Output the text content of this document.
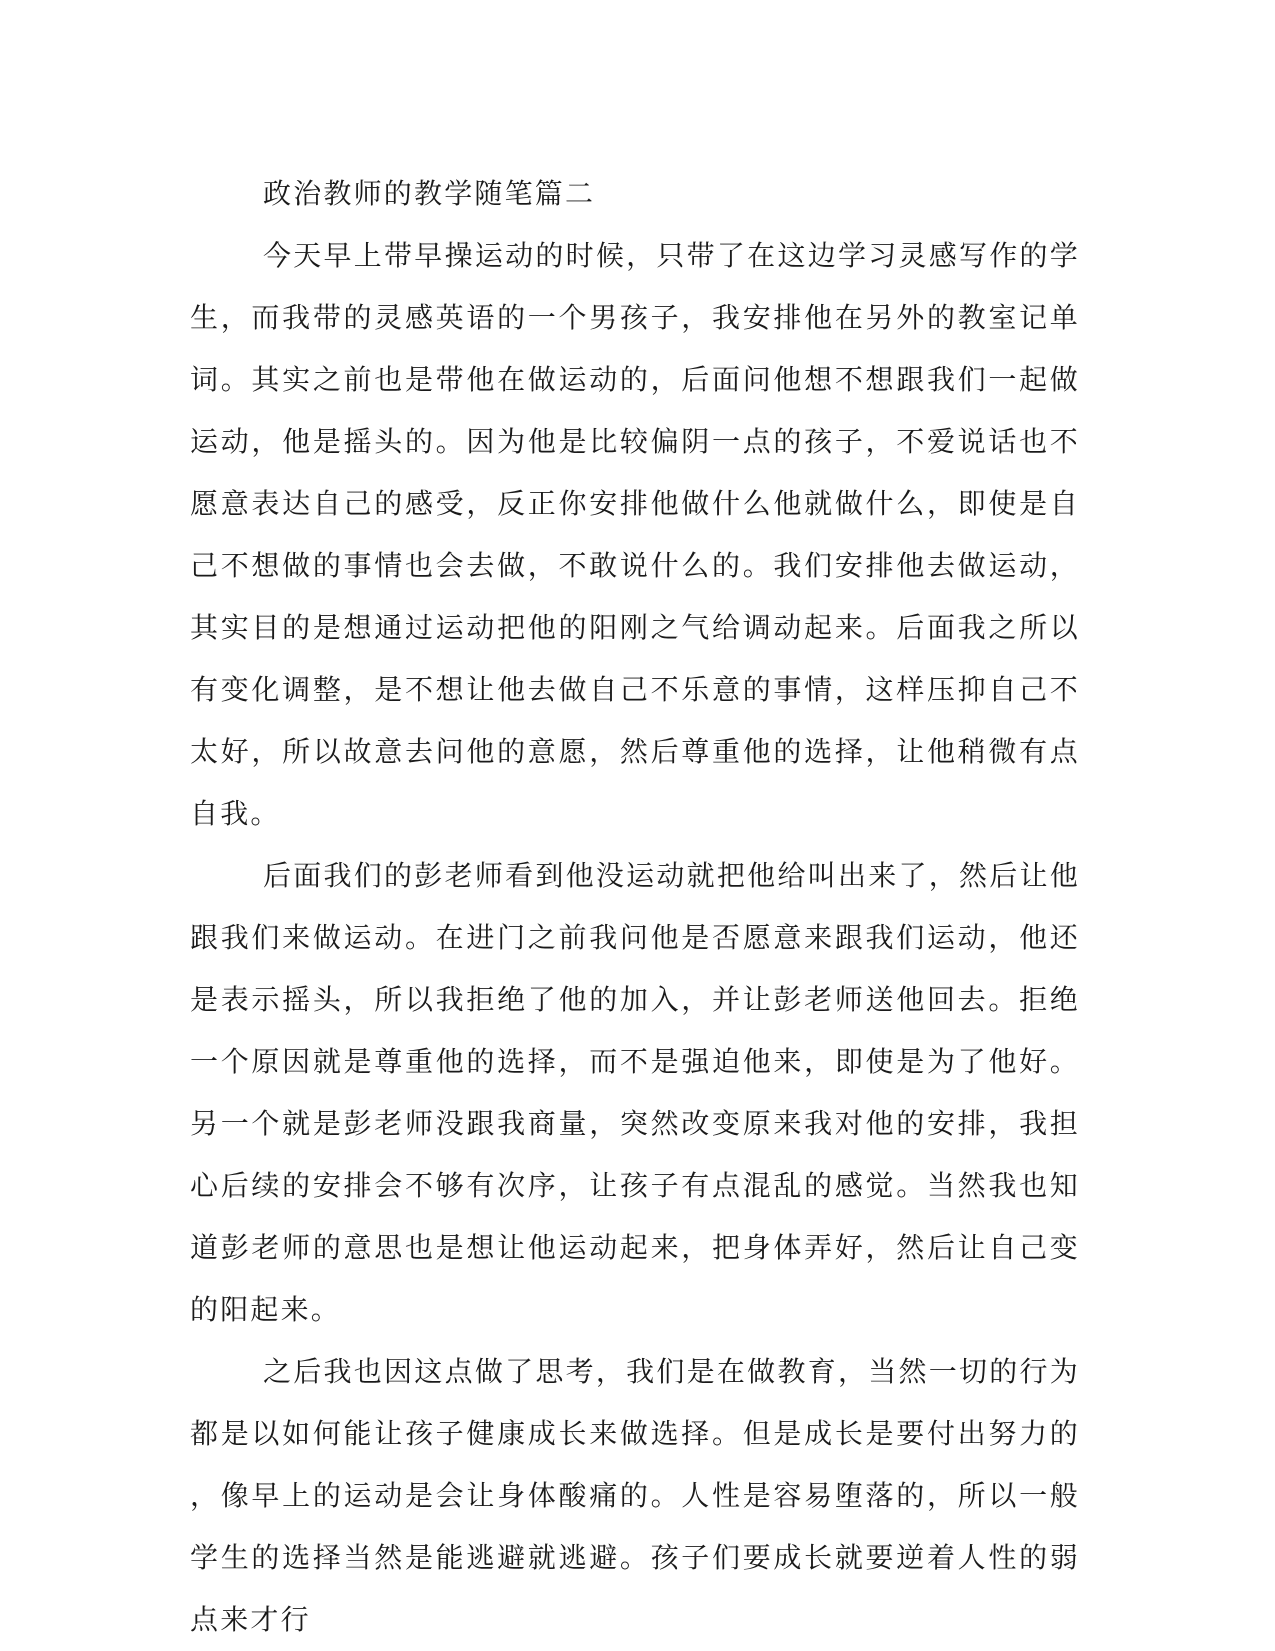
政治教师的教学随笔篇二

今天早上带早操运动的时候，只带了在这边学习灵感写作的学生，而我带的灵感英语的一个男孩子，我安排他在另外的教室记单词。其实之前也是带他在做运动的，后面问他想不想跟我们一起做运动，他是摇头的。因为他是比较偏阴一点的孩子，不爱说话也不愿意表达自己的感受，反正你安排他做什么他就做什么，即使是自己不想做的事情也会去做，不敢说什么的。我们安排他去做运动，其实目的是想通过运动把他的阳刚之气给调动起来。后面我之所以有变化调整，是不想让他去做自己不乐意的事情，这样压抑自己不太好，所以故意去问他的意愿，然后尊重他的选择，让他稍微有点自我。

后面我们的彭老师看到他没运动就把他给叫出来了，然后让他跟我们来做运动。在进门之前我问他是否愿意来跟我们运动，他还是表示摇头，所以我拒绝了他的加入，并让彭老师送他回去。拒绝一个原因就是尊重他的选择，而不是强迫他来，即使是为了他好。另一个就是彭老师没跟我商量，突然改变原来我对他的安排，我担心后续的安排会不够有次序，让孩子有点混乱的感觉。当然我也知道彭老师的意思也是想让他运动起来，把身体弄好，然后让自己变的阳起来。

之后我也因这点做了思考，我们是在做教育，当然一切的行为都是以如何能让孩子健康成长来做选择。但是成长是要付出努力的，像早上的运动是会让身体酸痛的。人性是容易堕落的，所以一般学生的选择当然是能逃避就逃避。孩子们要成长就要逆着人性的弱点来才行
